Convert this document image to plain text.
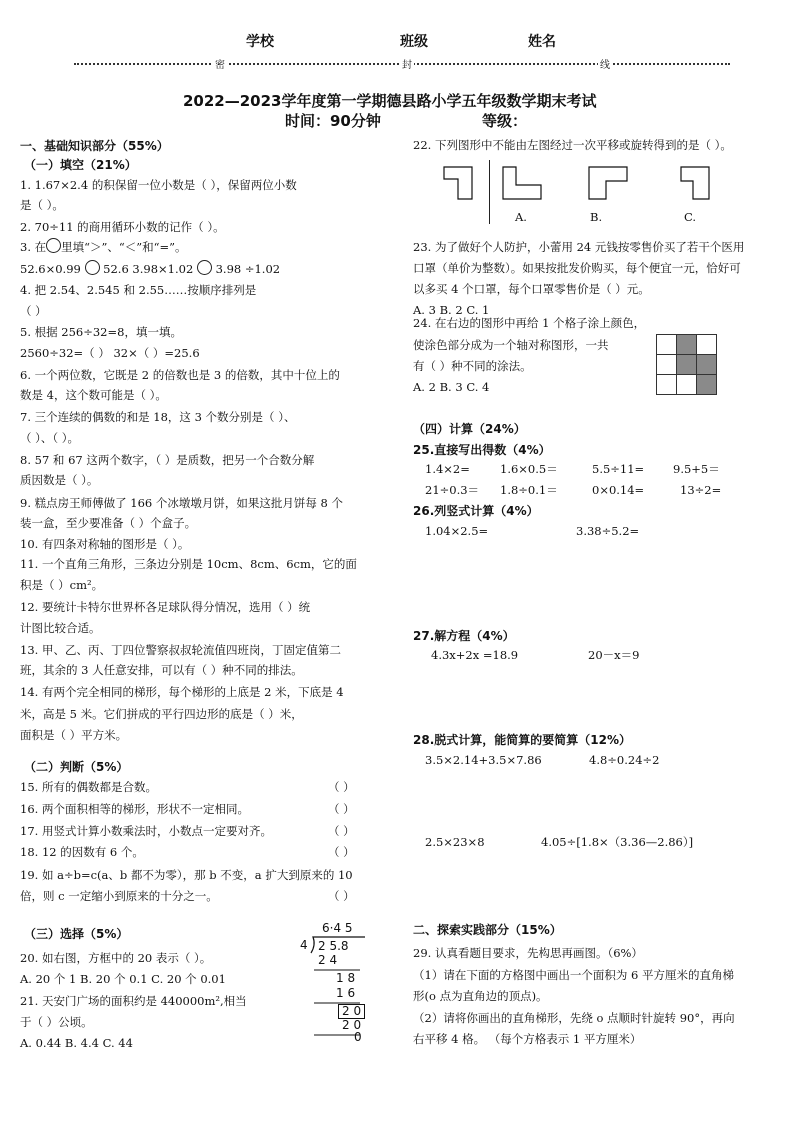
学校	班级	姓名
密	封	线
2022—2023学年度第一学期德县路小学五年级数学期末考试
时间：90分钟	等级：
一、基础知识部分（55%）
（一）填空（21%）
1. 1.67×2.4 的积保留一位小数是（ ），保留两位小数
是（ ）。
2. 70÷11 的商用循环小数的记作（ ）。
4. 把 2.54、2.545 和 2.55……按顺序排列是
（ ）
5. 根据 256÷32=8，填一填。
2560÷32=（ ） 32×（ ）=25.6
6. 一个两位数，它既是 2 的倍数也是 3 的倍数，其中十位上的
数是 4，这个数可能是（ ）。
7. 三个连续的偶数的和是 18，这 3 个数分别是（ ）、
（ ）、（ ）。
8. 57 和 67 这两个数字，（ ）是质数，把另一个合数分解
质因数是（ ）。
9. 糕点房王师傅做了 166 个冰墩墩月饼，如果这批月饼每 8 个
装一盒，至少要准备（ ）个盒子。
10. 有四条对称轴的图形是（ ）。
11. 一个直角三角形，三条边分别是 10cm、8cm、6cm，它的面
积是（ ）cm²。
12. 要统计卡特尔世界杯各足球队得分情况，选用（ ）统
计图比较合适。
13. 甲、乙、丙、丁四位警察叔叔轮流值四班岗，丁固定值第二
班，其余的 3 人任意安排，可以有（ ）种不同的排法。
14. 有两个完全相同的梯形，每个梯形的上底是 2 米，下底是 4
米，高是 5 米。它们拼成的平行四边形的底是（ ）米，
面积是（ ）平方米。
3. 在 里填“＞”、“＜”和“=”。
52.6×0.99 52.6 3.98×1.02 3.98 ÷1.02
（二）判断（5%）
15. 所有的偶数都是合数。
16. 两个面积相等的梯形，形状不一定相同。
17. 用竖式计算小数乘法时，小数点一定要对齐。
18. 12 的因数有 6 个。
19. 如 a÷b=c(a、b 都不为零），那 b 不变，a 扩大到原来的 10
倍，则 c 一定缩小到原来的十分之一。
（ ）
（ ）
（ ）
（ ）
（ ）
（三）选择（5%）
20. 如右图，方框中的 20 表示（ ）。
A. 20 个 1 B. 20 个 0.1 C. 20 个 0.01
21. 天安门广场的面积约是 440000m²,相当
于（ ）公顷。
A. 0.44 B. 4.4 C. 44
6·4 5
4 2 5.8
2 4
1 8
1 6
2 0
2 0
0
22. 下列图形中不能由左图经过一次平移或旋转得到的是（ ）。
A.	B.	C.
23. 为了做好个人防护，小蕾用 24 元钱按零售价买了若干个医用
口罩（单价为整数）。如果按批发价购买，每个便宜一元，恰好可
以多买 4 个口罩，每个口罩零售价是（ ）元。
A. 3 B. 2 C. 1
24. 在右边的图形中再给 1 个格子涂上颜色，
使涂色部分成为一个轴对称图形，一共
有（ ）种不同的涂法。
A. 2 B. 3 C. 4

（四）计算（24%）
25.直接写出得数（4%）
1.4×2=	1.6×0.5＝	5.5÷11=	9.5+5＝
21÷0.3＝ 1.8÷0.1＝	0×0.14=	13÷2=
26.列竖式计算（4%）
1.04×2.5=	3.38÷5.2=
27.解方程（4%）
4.3x+2x =18.9	20－x＝9
28.脱式计算，能简算的要简算（12%）
3.5×2.14+3.5×7.86	4.8÷0.24÷2
2.5×23×8	4.05÷[1.8×（3.36—2.86）]
二、探索实践部分（15%）
29. 认真看题目要求，先构思再画图。（6%）
（1）请在下面的方格图中画出一个面积为 6 平方厘米的直角梯
形(o 点为直角边的顶点)。
（2）请将你画出的直角梯形，先绕 o 点顺时针旋转 90°，再向
右平移 4 格。 （每个方格表示 1 平方厘米）
